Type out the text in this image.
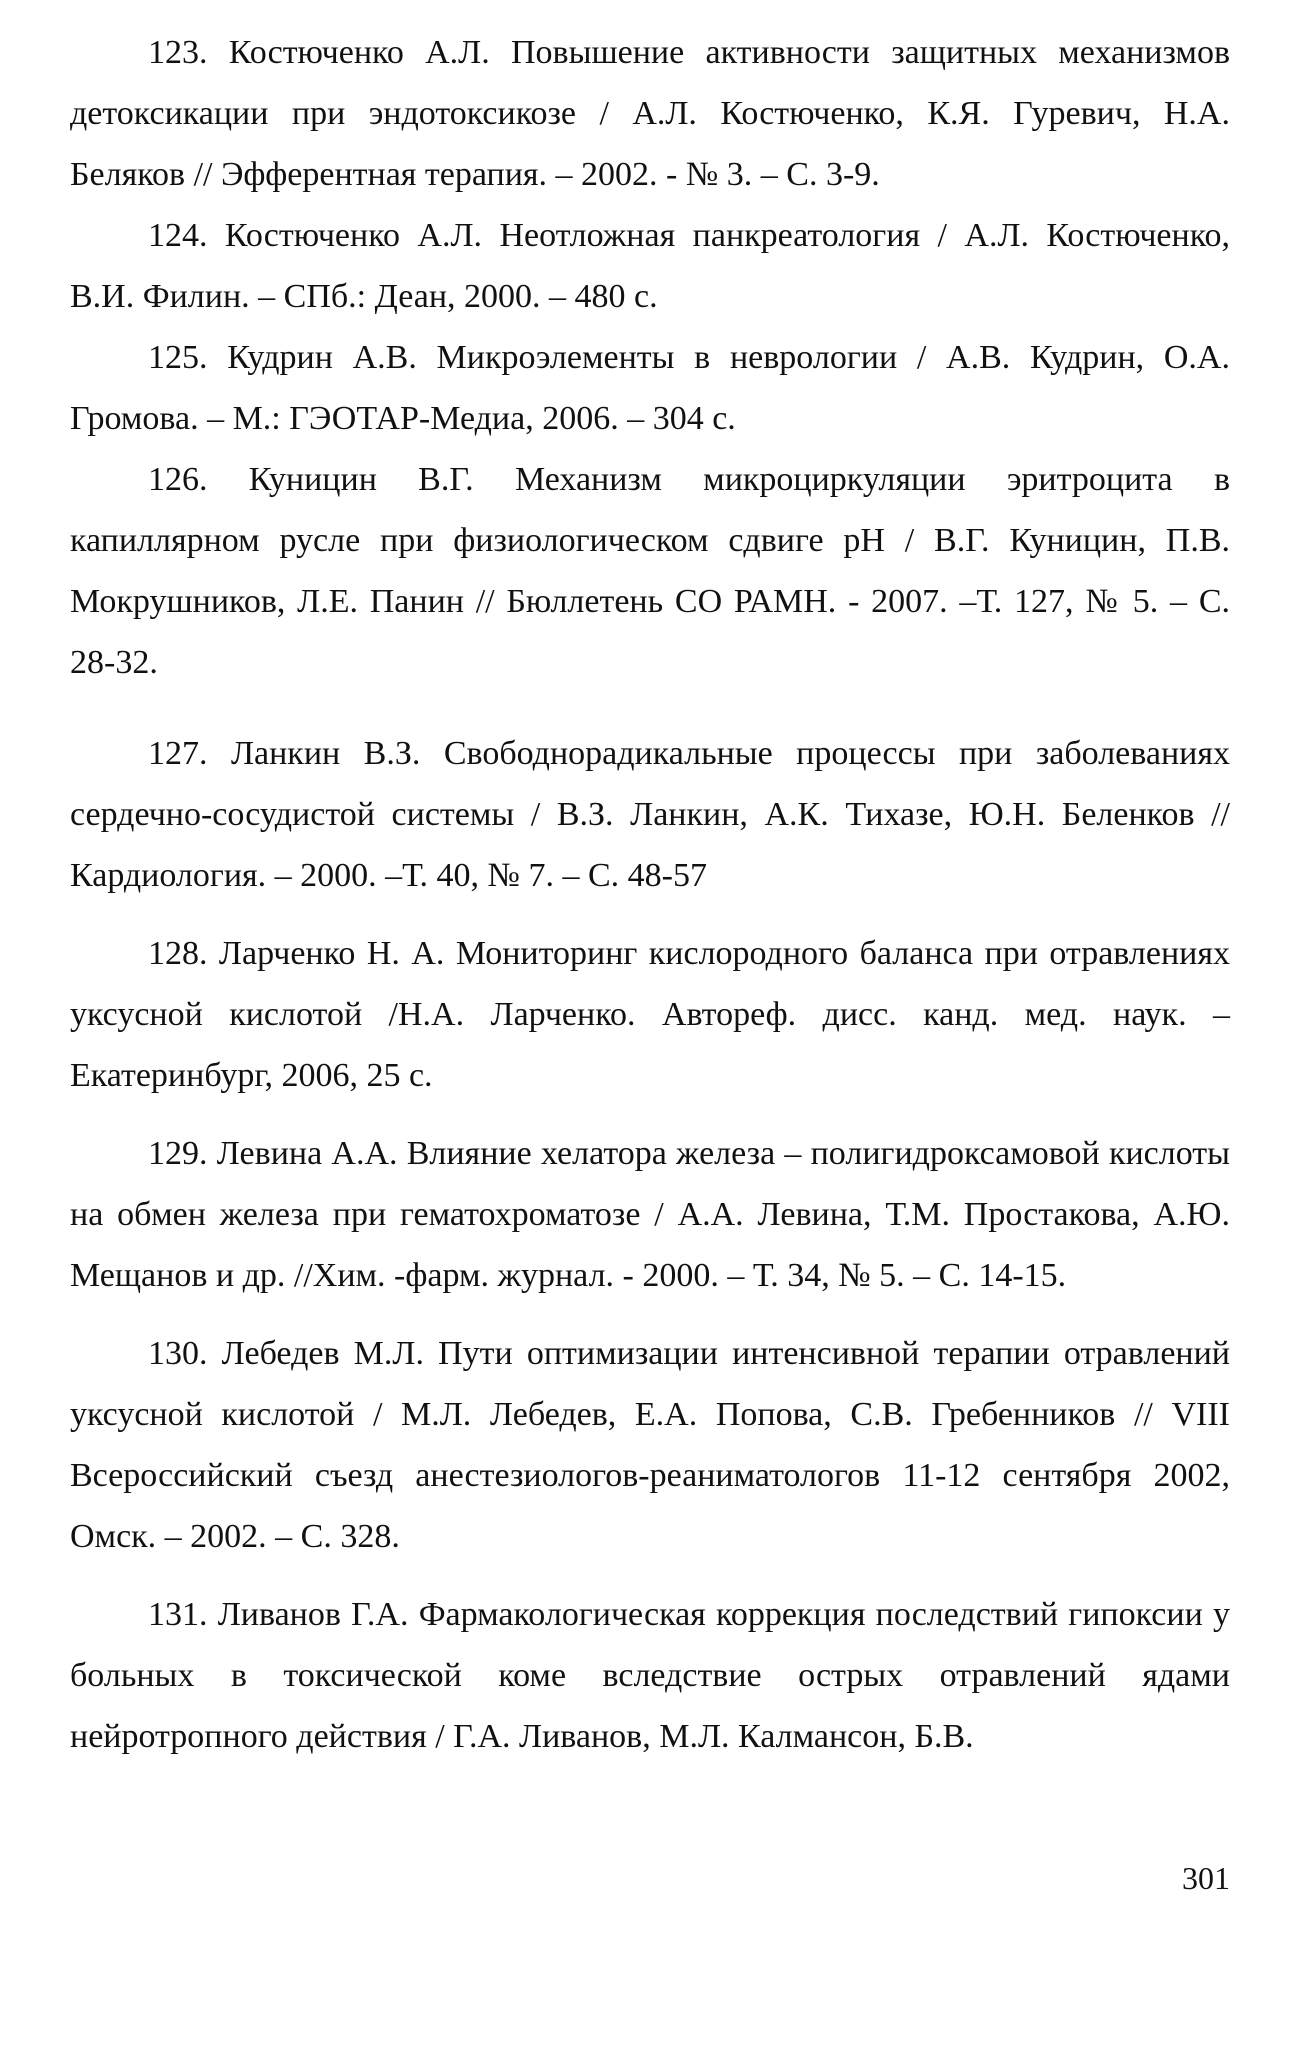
123. Костюченко А.Л. Повышение активности защитных механизмов детоксикации при эндотоксикозе / А.Л. Костюченко, К.Я. Гуревич, Н.А. Беляков // Эфферентная терапия. – 2002. - № 3. – С. 3-9.

124. Костюченко А.Л. Неотложная панкреатология / А.Л. Костюченко, В.И. Филин. – СПб.: Деан, 2000. – 480 с.

125. Кудрин А.В. Микроэлементы в неврологии / А.В. Кудрин, О.А. Громова. – М.: ГЭОТАР-Медиа, 2006. – 304 с.

126. Куницин В.Г. Механизм микроциркуляции эритроцита в капиллярном русле при физиологическом сдвиге рН / В.Г. Куницин, П.В. Мокрушников, Л.Е. Панин // Бюллетень СО РАМН. - 2007. –Т. 127, № 5. – С. 28-32.

127. Ланкин В.З. Свободнорадикальные процессы при заболеваниях сердечно-сосудистой системы / В.З. Ланкин, А.К. Тихазе, Ю.Н. Беленков // Кардиология. – 2000. –Т. 40, № 7. – С. 48-57

128. Ларченко Н. А. Мониторинг кислородного баланса при отравлениях уксусной кислотой /Н.А. Ларченко. Автореф. дисс. канд. мед. наук. – Екатеринбург, 2006, 25 с.

129. Левина А.А. Влияние хелатора железа – полигидроксамовой кислоты на обмен железа при гематохроматозе / А.А. Левина, Т.М. Простакова, А.Ю. Мещанов и др. //Хим. -фарм. журнал. - 2000. – Т. 34, № 5. – С. 14-15.

130. Лебедев М.Л. Пути оптимизации интенсивной терапии отравлений уксусной кислотой / М.Л. Лебедев, Е.А. Попова, С.В. Гребенников // VIII Всероссийский съезд анестезиологов-реаниматологов 11-12 сентября 2002, Омск. – 2002. – С. 328.

131. Ливанов Г.А. Фармакологическая коррекция последствий гипоксии у больных в токсической коме вследствие острых отравлений ядами нейротропного действия / Г.А. Ливанов, М.Л. Калмансон, Б.В.

301
